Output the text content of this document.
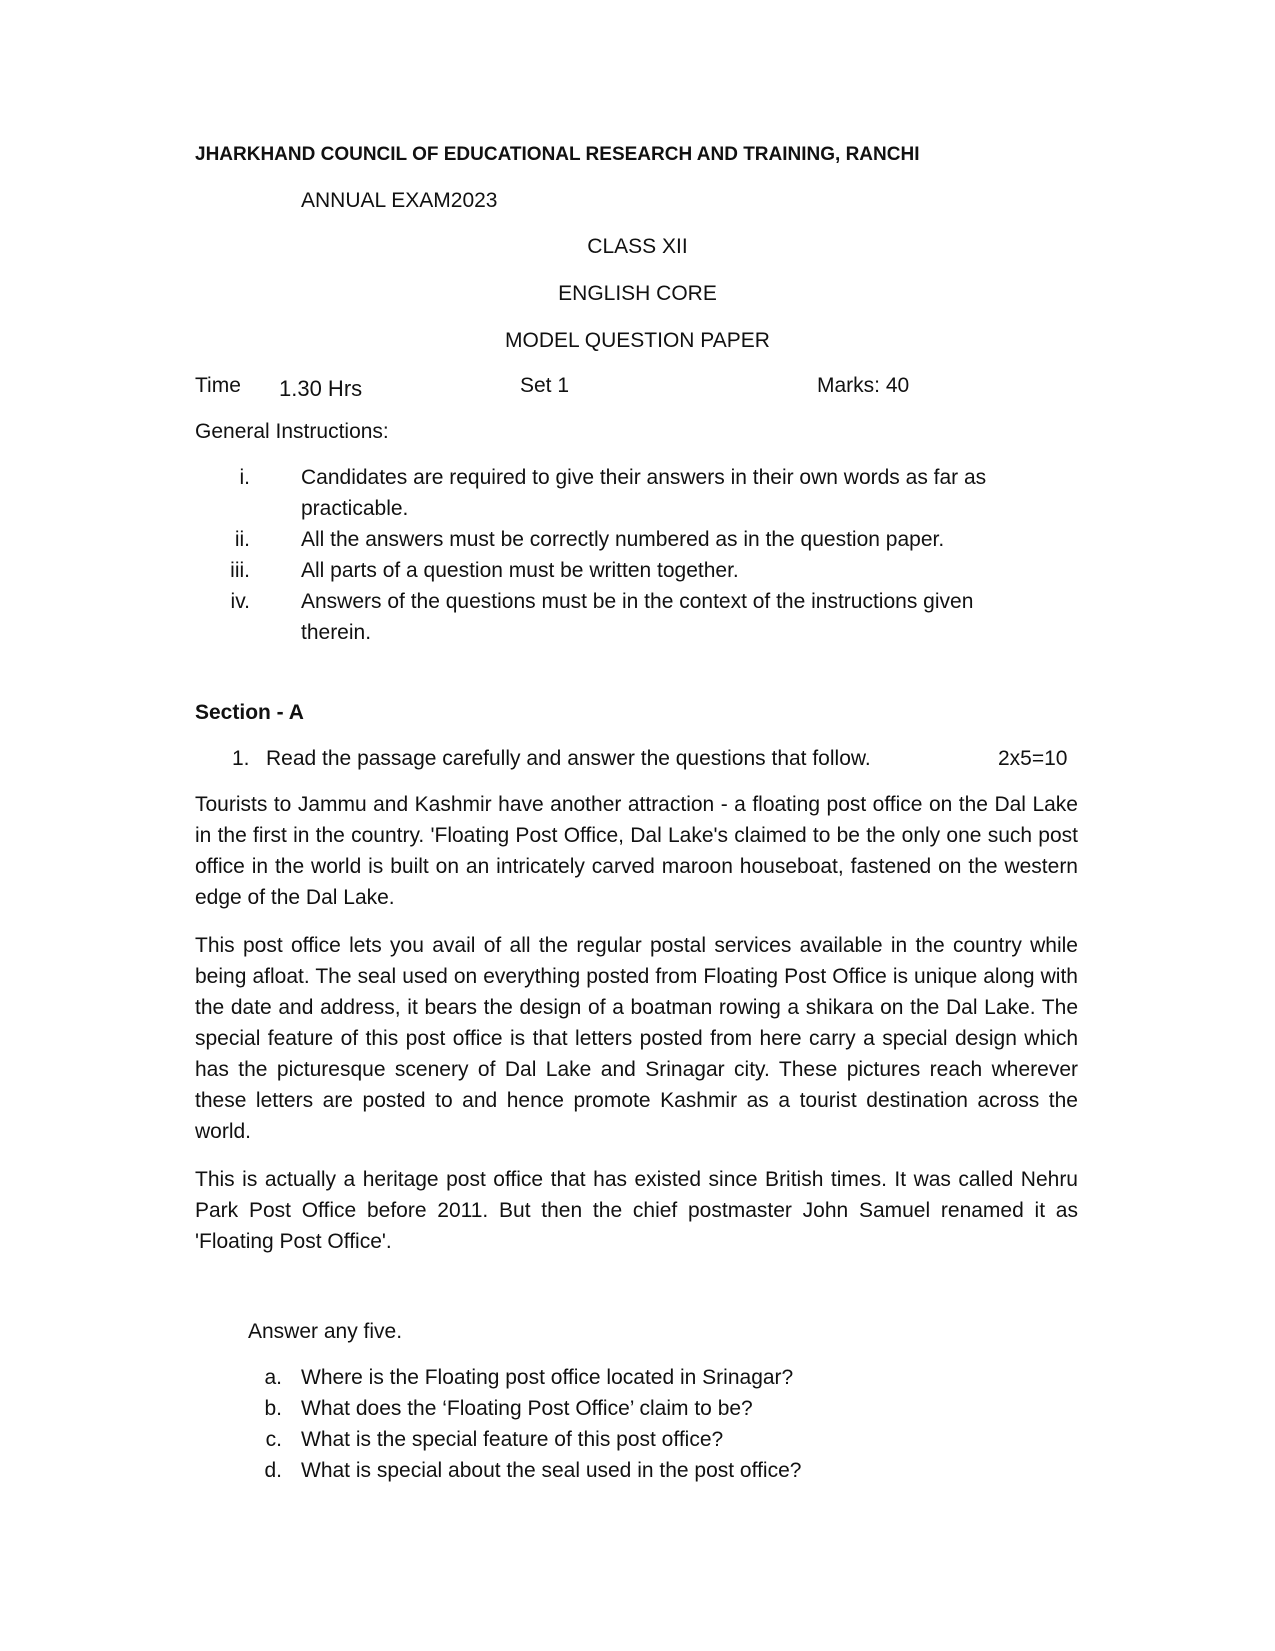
JHARKHAND COUNCIL OF EDUCATIONAL RESEARCH AND TRAINING, RANCHI
ANNUAL EXAM2023
CLASS XII
ENGLISH CORE
MODEL QUESTION PAPER
Time 1.30 Hrs	Set 1	Marks: 40
General Instructions:
i. Candidates are required to give their answers in their own words as far as practicable.
ii. All the answers must be correctly numbered as in the question paper.
iii. All parts of a question must be written together.
iv. Answers of the questions must be in the context of the instructions given therein.
Section - A
1. Read the passage carefully and answer the questions that follow.	2x5=10
Tourists to Jammu and Kashmir have another attraction - a floating post office on the Dal Lake in the first in the country. 'Floating Post Office, Dal Lake's claimed to be the only one such post office in the world is built on an intricately carved maroon houseboat, fastened on the western edge of the Dal Lake.
This post office lets you avail of all the regular postal services available in the country while being afloat. The seal used on everything posted from Floating Post Office is unique along with the date and address, it bears the design of a boatman rowing a shikara on the Dal Lake. The special feature of this post office is that letters posted from here carry a special design which has the picturesque scenery of Dal Lake and Srinagar city. These pictures reach wherever these letters are posted to and hence promote Kashmir as a tourist destination across the world.
This is actually a heritage post office that has existed since British times. It was called Nehru Park Post Office before 2011. But then the chief postmaster John Samuel renamed it as 'Floating Post Office'.
Answer any five.
a. Where is the Floating post office located in Srinagar?
b. What does the ‘Floating Post Office’ claim to be?
c. What is the special feature of this post office?
d. What is special about the seal used in the post office?
